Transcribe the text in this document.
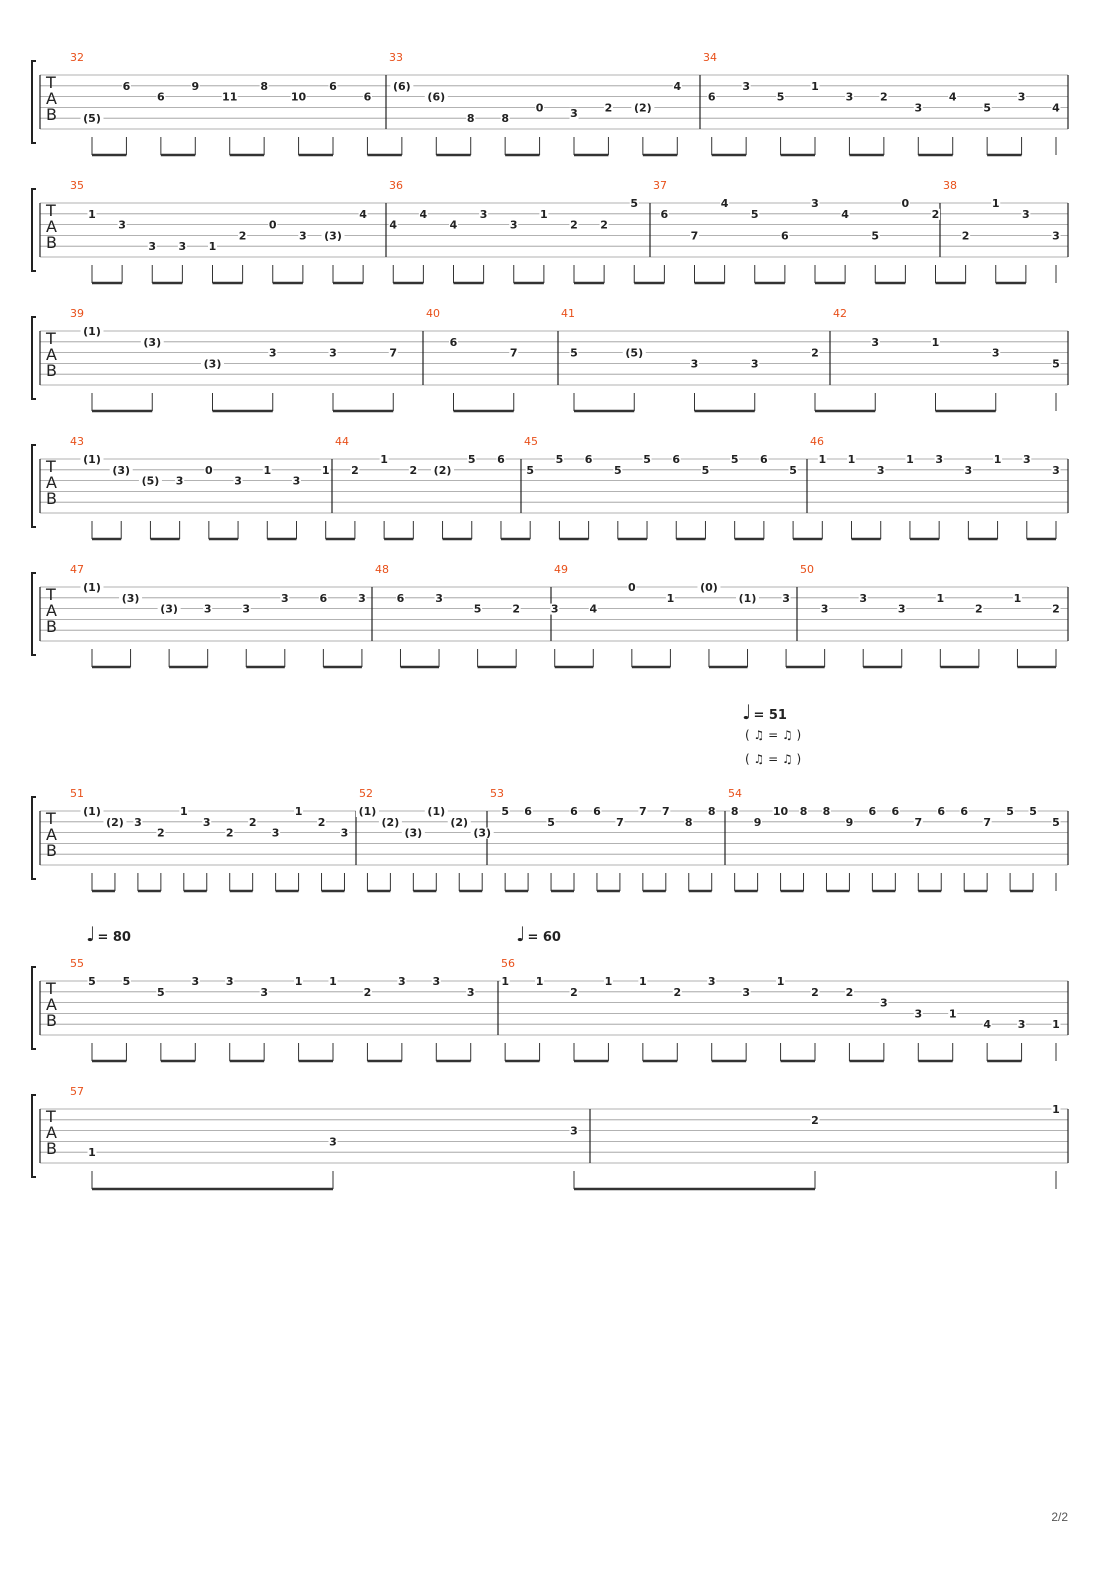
T
A
B
32	33	34
(5)
6
6
9
11
8
10
6
6
(6)
(6)
8 8
0 3 2 (2)
4
6
3
5
1
3 2
3
4
5
3
4
T
A
B
35	36	37	38
1
3
3 3 1
2
0
3 (3)
4
4
4
4
3
3
1
2 2
5
6
7
4
5
6
3
4
5
0
2
2
1
3
3
T
A
B
39	40	41	42
(1)
(3)
(3)
3	3	7
6
7	5	(5)
3	3
2
3	1
3
5
T
A
B
43	44	45	46
(1)
(3)
(5) 3
0
3
1
3
1 2
1
2 (2)
5 6
5
5 6
5
5 6
5
5 6
5
1 1
3
1 3
3
1 3
3
T
A
B
47	48	49	50
(1)
(3)
(3) 3	3
3	6	3	6	3
5	2	3	4
0
1
(0)
(1) 3
3
3
3
1
2
1
2
T
A
B
51	52	53	54
(1)
(2) 3
2
1
3
2
2
3
1
2
3
(1)
(2)
(3)
(1)
(2)
(3)
5 6
5
6 6
7
7 7
8
8 8
9
10 8 8
9
6 6
7
6 6
7
5 5
5
T
A
B
55	56
5 5
5
3 3
3
1 1
2
3 3
3
1 1
2
1 1
2
3
3
1
2 2
3
3 1
4 3 1
T
A
B
57
1
3
3
2
1
♩ = 51
( ♫ = ♫ )
( ♫ = ♫ )
♩ = 80	♩ = 60
2/2
